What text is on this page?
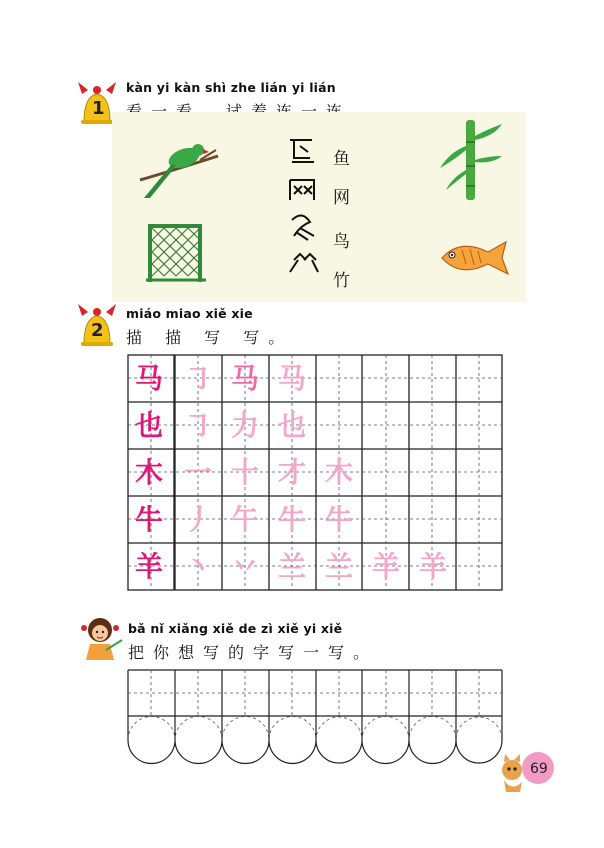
1
kàn yi kàn shì zhe lián yi lián
鱼
网
鸟
竹
2
miáo miao xiě xie
描 描 写 写。
马 ㇆ 马 马
也 ㇆ 力 也
木 一 十 才 木
牛 丿 午 牛 牛
羊 丶 丷 兰 兰 羊 羊
bǎ nǐ xiǎng xiě de zì xiě yi xiě
把你想写的字写一写。
69
